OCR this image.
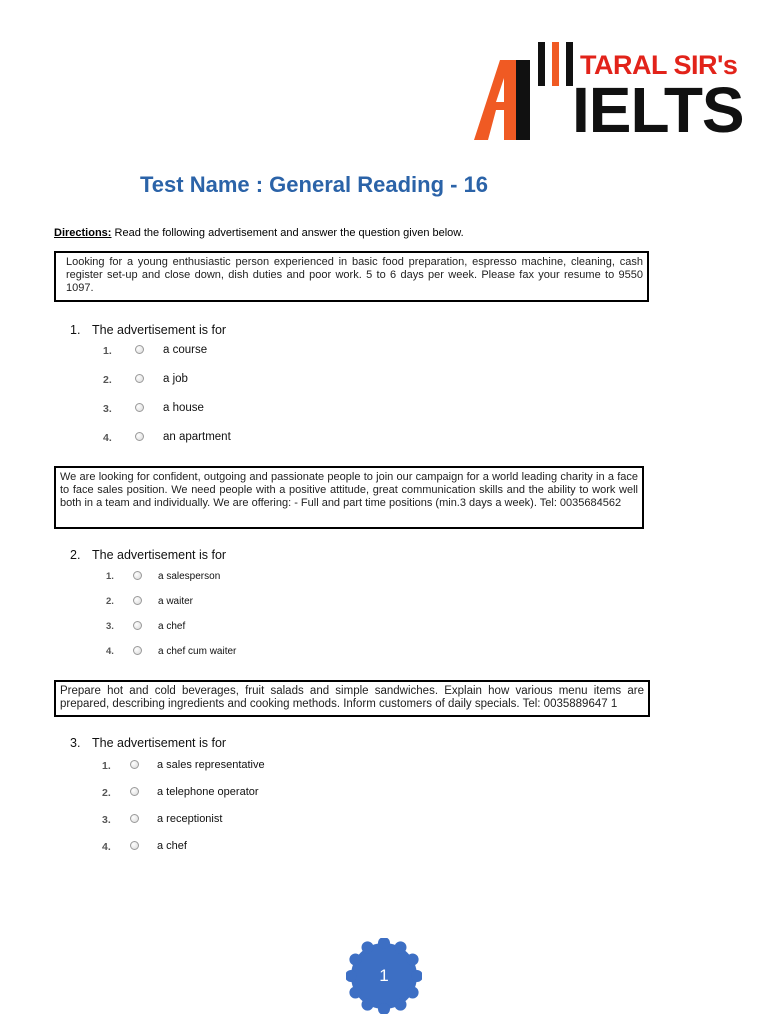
TARAL SIR's
IELTS
Test Name : General Reading - 16
Directions: Read the following advertisement and answer the question given below.
Looking for a young enthusiastic person experienced in basic food preparation, espresso machine, cleaning, cash register set-up and close down, dish duties and poor work. 5 to 6 days per week. Please fax your resume to 9550 1097.
1. The advertisement is for
1.	a course
2.	a job
3.	a house
4.	an apartment
We are looking for confident, outgoing and passionate people to join our campaign for a world leading charity in a face to face sales position. We need people with a positive attitude, great communication skills and the ability to work well both in a team and individually. We are offering: - Full and part time positions (min.3 days a week). Tel: 0035684562
2. The advertisement is for
1.	a salesperson
2.	a waiter
3.	a chef
4.	a chef cum waiter
Prepare hot and cold beverages, fruit salads and simple sandwiches. Explain how various menu items are prepared, describing ingredients and cooking methods. Inform customers of daily specials. Tel: 0035889647 1
3. The advertisement is for
1.	a sales representative
2.	a telephone operator
3.	a receptionist
4.	a chef
1
